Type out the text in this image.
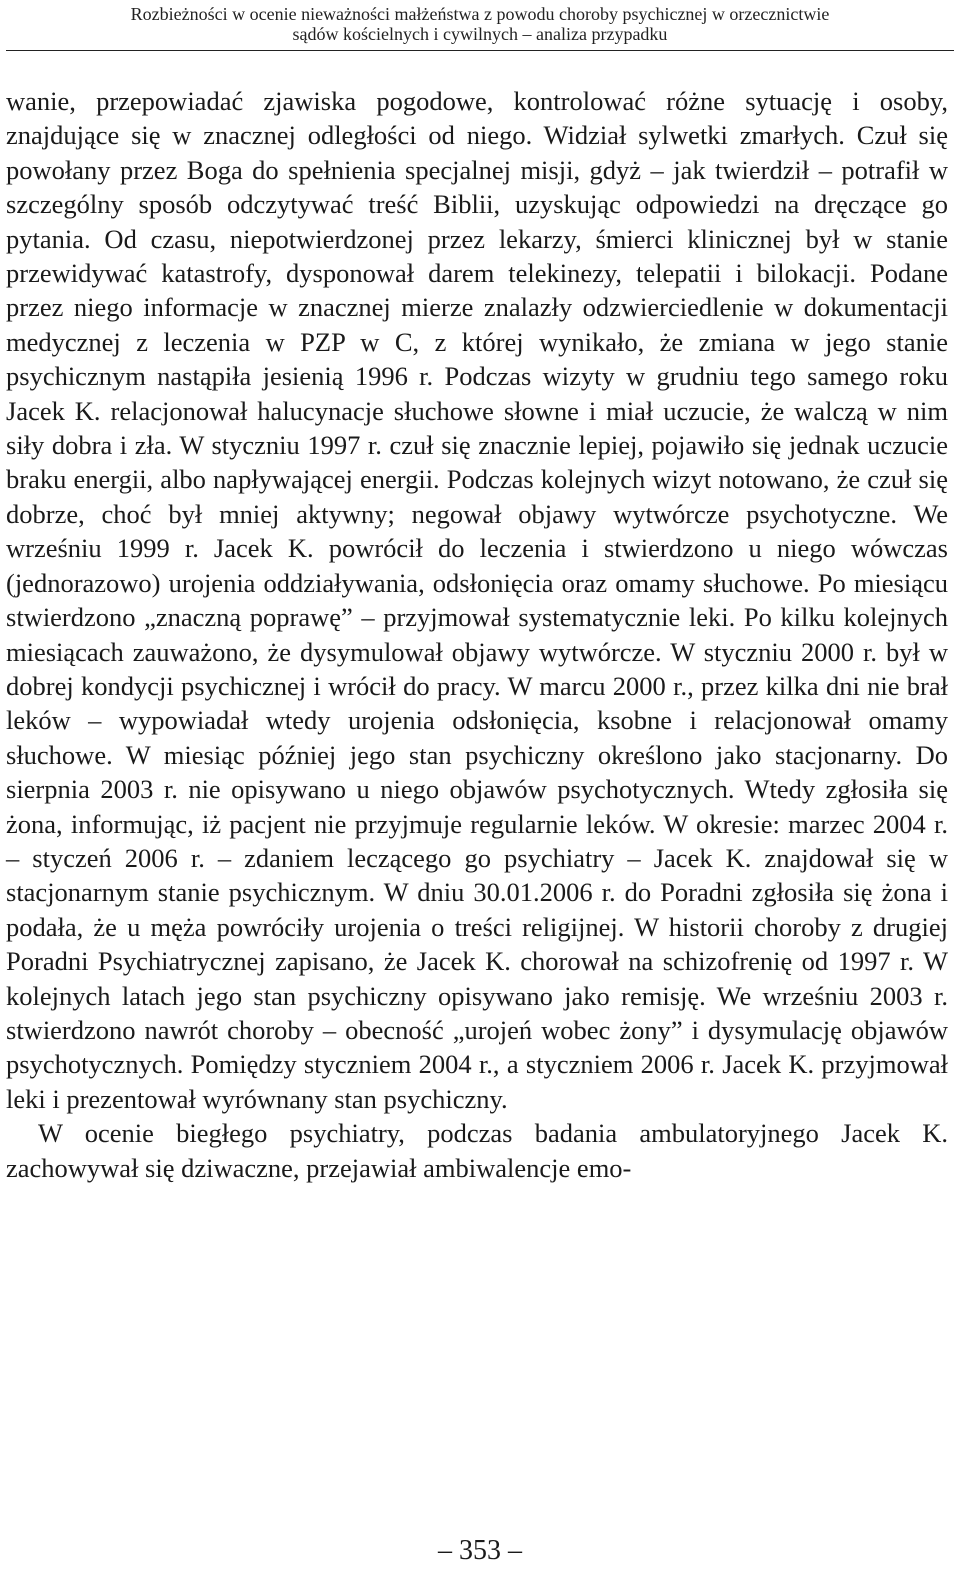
Rozbieżności w ocenie nieważności małżeństwa z powodu choroby psychicznej w orzecznictwie
sądów kościelnych i cywilnych – analiza przypadku

wanie, przepowiadać zjawiska pogodowe, kontrolować różne sytuację i osoby, znajdujące się w znacznej odległości od niego. Widział sylwetki zmarłych. Czuł się powołany przez Boga do spełnienia specjalnej misji, gdyż – jak twierdził – potrafił w szczególny sposób odczytywać treść Biblii, uzyskując odpowiedzi na dręczące go pytania. Od czasu, niepotwierdzonej przez lekarzy, śmierci klinicznej był w stanie przewidywać katastrofy, dysponował darem telekinezy, telepatii i bilokacji. Podane przez niego informacje w znacznej mierze znalazły odzwierciedlenie w dokumentacji medycznej z leczenia w PZP w C, z której wynikało, że zmiana w jego stanie psychicznym nastąpiła jesienią 1996 r. Podczas wizyty w grudniu tego samego roku Jacek K. relacjonował halucynacje słuchowe słowne i miał uczucie, że walczą w nim siły dobra i zła. W styczniu 1997 r. czuł się znacznie lepiej, pojawiło się jednak uczucie braku energii, albo napływającej energii. Podczas kolejnych wizyt notowano, że czuł się dobrze, choć był mniej aktywny; negował objawy wytwórcze psychotyczne. We wrześniu 1999 r. Jacek K. powrócił do leczenia i stwierdzono u niego wówczas (jednorazowo) urojenia oddziaływania, odsłonięcia oraz omamy słuchowe. Po miesiącu stwierdzono „znaczną poprawę” – przyjmował systematycznie leki. Po kilku kolejnych miesiącach zauważono, że dysymulował objawy wytwórcze. W styczniu 2000 r. był w dobrej kondycji psychicznej i wrócił do pracy. W marcu 2000 r., przez kilka dni nie brał leków – wypowiadał wtedy urojenia odsłonięcia, ksobne i relacjonował omamy słuchowe. W miesiąc później jego stan psychiczny określono jako stacjonarny. Do sierpnia 2003 r. nie opisywano u niego objawów psychotycznych. Wtedy zgłosiła się żona, informując, iż pacjent nie przyjmuje regularnie leków. W okresie: marzec 2004 r. – styczeń 2006 r. – zdaniem leczącego go psychiatry – Jacek K. znajdował się w stacjonarnym stanie psychicznym. W dniu 30.01.2006 r. do Poradni zgłosiła się żona i podała, że u męża powróciły urojenia o treści religijnej. W historii choroby z drugiej Poradni Psychiatrycznej zapisano, że Jacek K. chorował na schizofrenię od 1997 r. W kolejnych latach jego stan psychiczny opisywano jako remisję. We wrześniu 2003 r. stwierdzono nawrót choroby – obecność „urojeń wobec żony” i dysymulację objawów psychotycznych. Pomiędzy styczniem 2004 r., a styczniem 2006 r. Jacek K. przyjmował leki i prezentował wyrównany stan psychiczny.

W ocenie biegłego psychiatry, podczas badania ambulatoryjnego Jacek K. zachowywał się dziwaczne, przejawiał ambiwalencje emo-

– 353 –
